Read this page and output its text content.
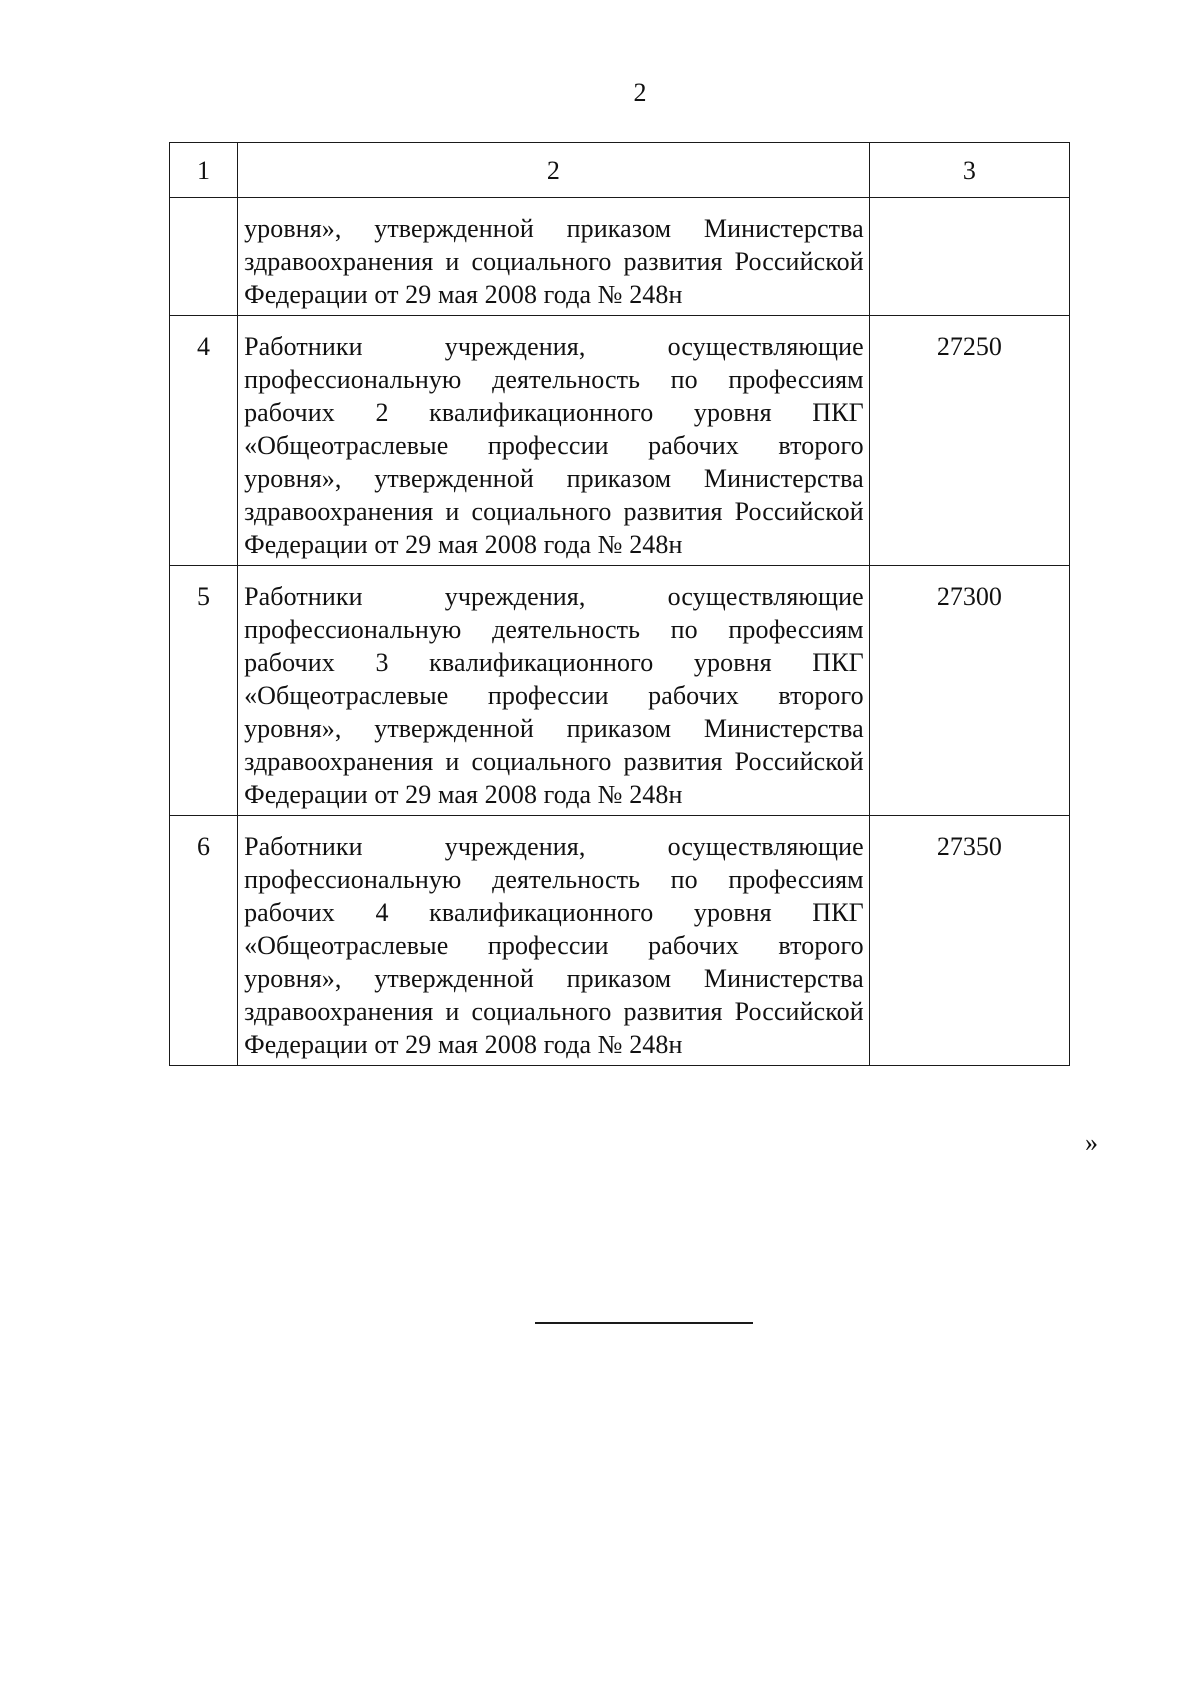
2
1	2	3
	уровня», утвержденной приказом Министерства здравоохранения и социального развития Российской Федерации от 29 мая 2008 года № 248н	
4	Работники учреждения, осуществляющие профессиональную деятельность по профессиям рабочих 2 квалификационного уровня ПКГ «Общеотраслевые профессии рабочих второго уровня», утвержденной приказом Министерства здравоохранения и социального развития Российской Федерации от 29 мая 2008 года № 248н	27250
5	Работники учреждения, осуществляющие профессиональную деятельность по профессиям рабочих 3 квалификационного уровня ПКГ «Общеотраслевые профессии рабочих второго уровня», утвержденной приказом Министерства здравоохранения и социального развития Российской Федерации от 29 мая 2008 года № 248н	27300
6	Работники учреждения, осуществляющие профессиональную деятельность по профессиям рабочих 4 квалификационного уровня ПКГ «Общеотраслевые профессии рабочих второго уровня», утвержденной приказом Министерства здравоохранения и социального развития Российской Федерации от 29 мая 2008 года № 248н	27350
»
